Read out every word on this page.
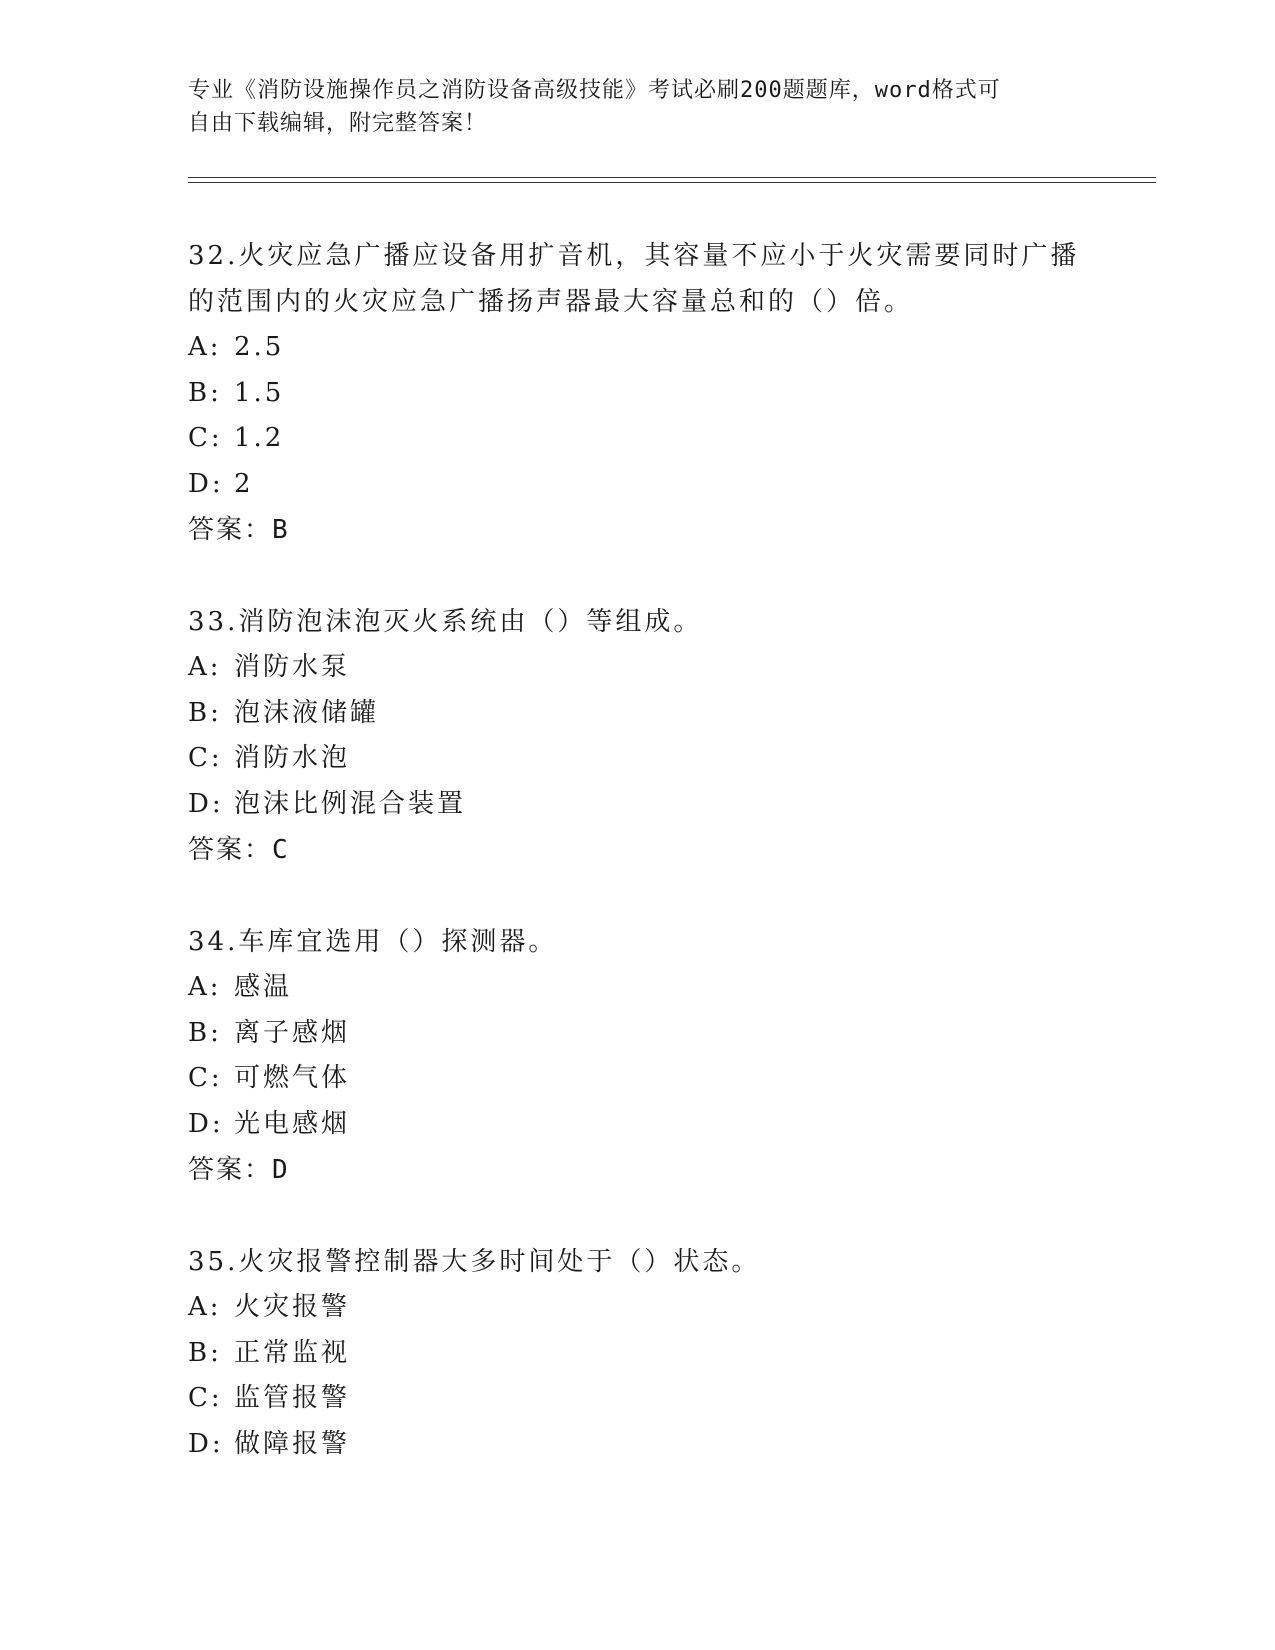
专业《消防设施操作员之消防设备高级技能》考试必刷200题题库，word格式可
自由下载编辑，附完整答案！

32.火灾应急广播应设备用扩音机，其容量不应小于火灾需要同时广播的范围内的火灾应急广播扬声器最大容量总和的（）倍。

A: 2.5
B: 1.5
C: 1.2
D: 2
答案：B

33.消防泡沫泡灭火系统由（）等组成。

A: 消防水泵
B: 泡沫液储罐
C: 消防水泡
D: 泡沫比例混合装置
答案：C

34.车库宜选用（）探测器。

A: 感温
B: 离子感烟
C: 可燃气体
D: 光电感烟
答案：D

35.火灾报警控制器大多时间处于（）状态。

A: 火灾报警
B: 正常监视
C: 监管报警
D: 做障报警
